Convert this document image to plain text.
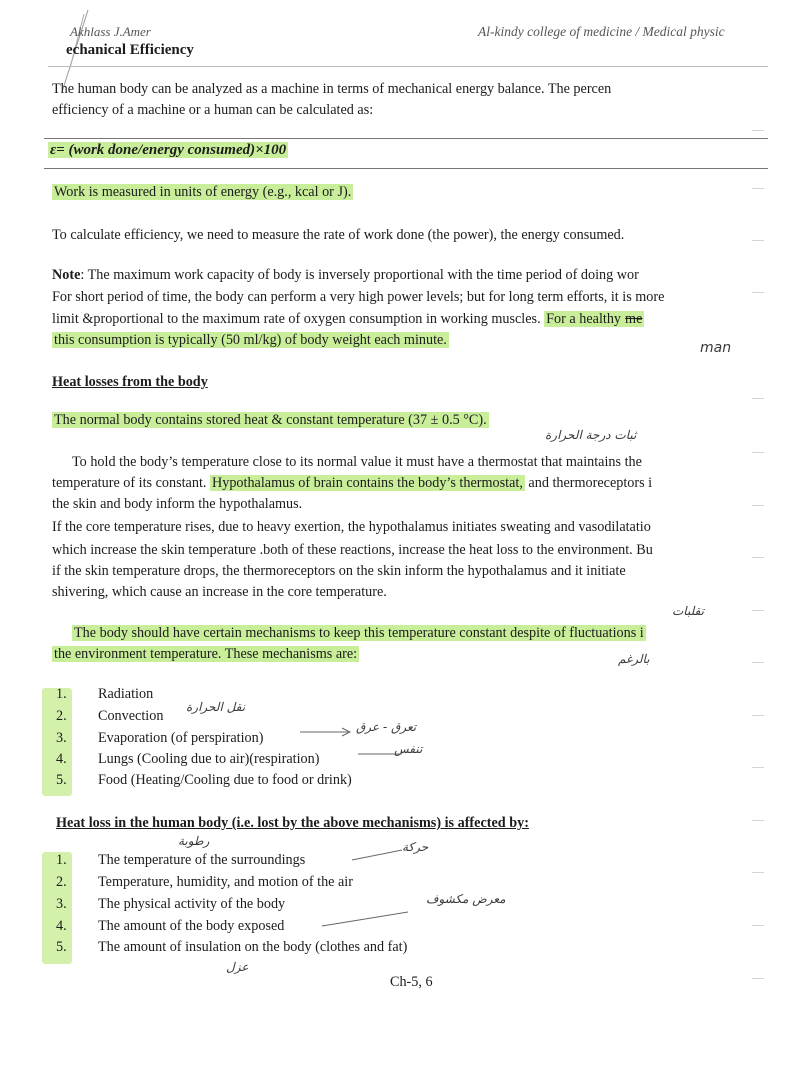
Akhlass J.Amer
echanical Efficiency
Al-kindy college of medicine / Medical physic
The human body can be analyzed as a machine in terms of mechanical energy balance. The percen
efficiency of a machine or a human can be calculated as:
ε= (work done/energy consumed)×100
Work is measured in units of energy (e.g., kcal or J).
To calculate efficiency, we need to measure the rate of work done (the power), the energy consumed.
Note: The maximum work capacity of body is inversely proportional with the time period of doing wor
For short period of time, the body can perform a very high power levels; but for long term efforts, it is more
limit &proportional to the maximum rate of oxygen consumption in working muscles. For a healthy me
this consumption is typically (50 ml/kg) of body weight each minute.	man
Heat losses from the body
The normal body contains stored heat & constant temperature (37 ± 0.5 °C).
ثبات درجة الحرارة
To hold the body’s temperature close to its normal value it must have a thermostat that maintains the
temperature of its constant. Hypothalamus of brain contains the body’s thermostat, and thermoreceptors i
the skin and body inform the hypothalamus.
If the core temperature rises, due to heavy exertion, the hypothalamus initiates sweating and vasodilatatio
which increase the skin temperature .both of these reactions, increase the heat loss to the environment. Bu
if the skin temperature drops, the thermoreceptors on the skin inform the hypothalamus and it initiate
shivering, which cause an increase in the core temperature.
تقلبات
The body should have certain mechanisms to keep this temperature constant despite of fluctuations i
the environment temperature. These mechanisms are:	بالرغم
1. Radiation
2. Convection
3. Evaporation (of perspiration)
4. Lungs (Cooling due to air)(respiration)
5. Food (Heating/Cooling due to food or drink)
نقل الحرارة
تعرق - عرق
تنفس
Heat loss in the human body (i.e. lost by the above mechanisms) is affected by:
رطوبة	حركة
معرض مكشوف
1. The temperature of the surroundings
2. Temperature, humidity, and motion of the air
3. The physical activity of the body
4. The amount of the body exposed
5. The amount of insulation on the body (clothes and fat)
عزل
Ch-5, 6
